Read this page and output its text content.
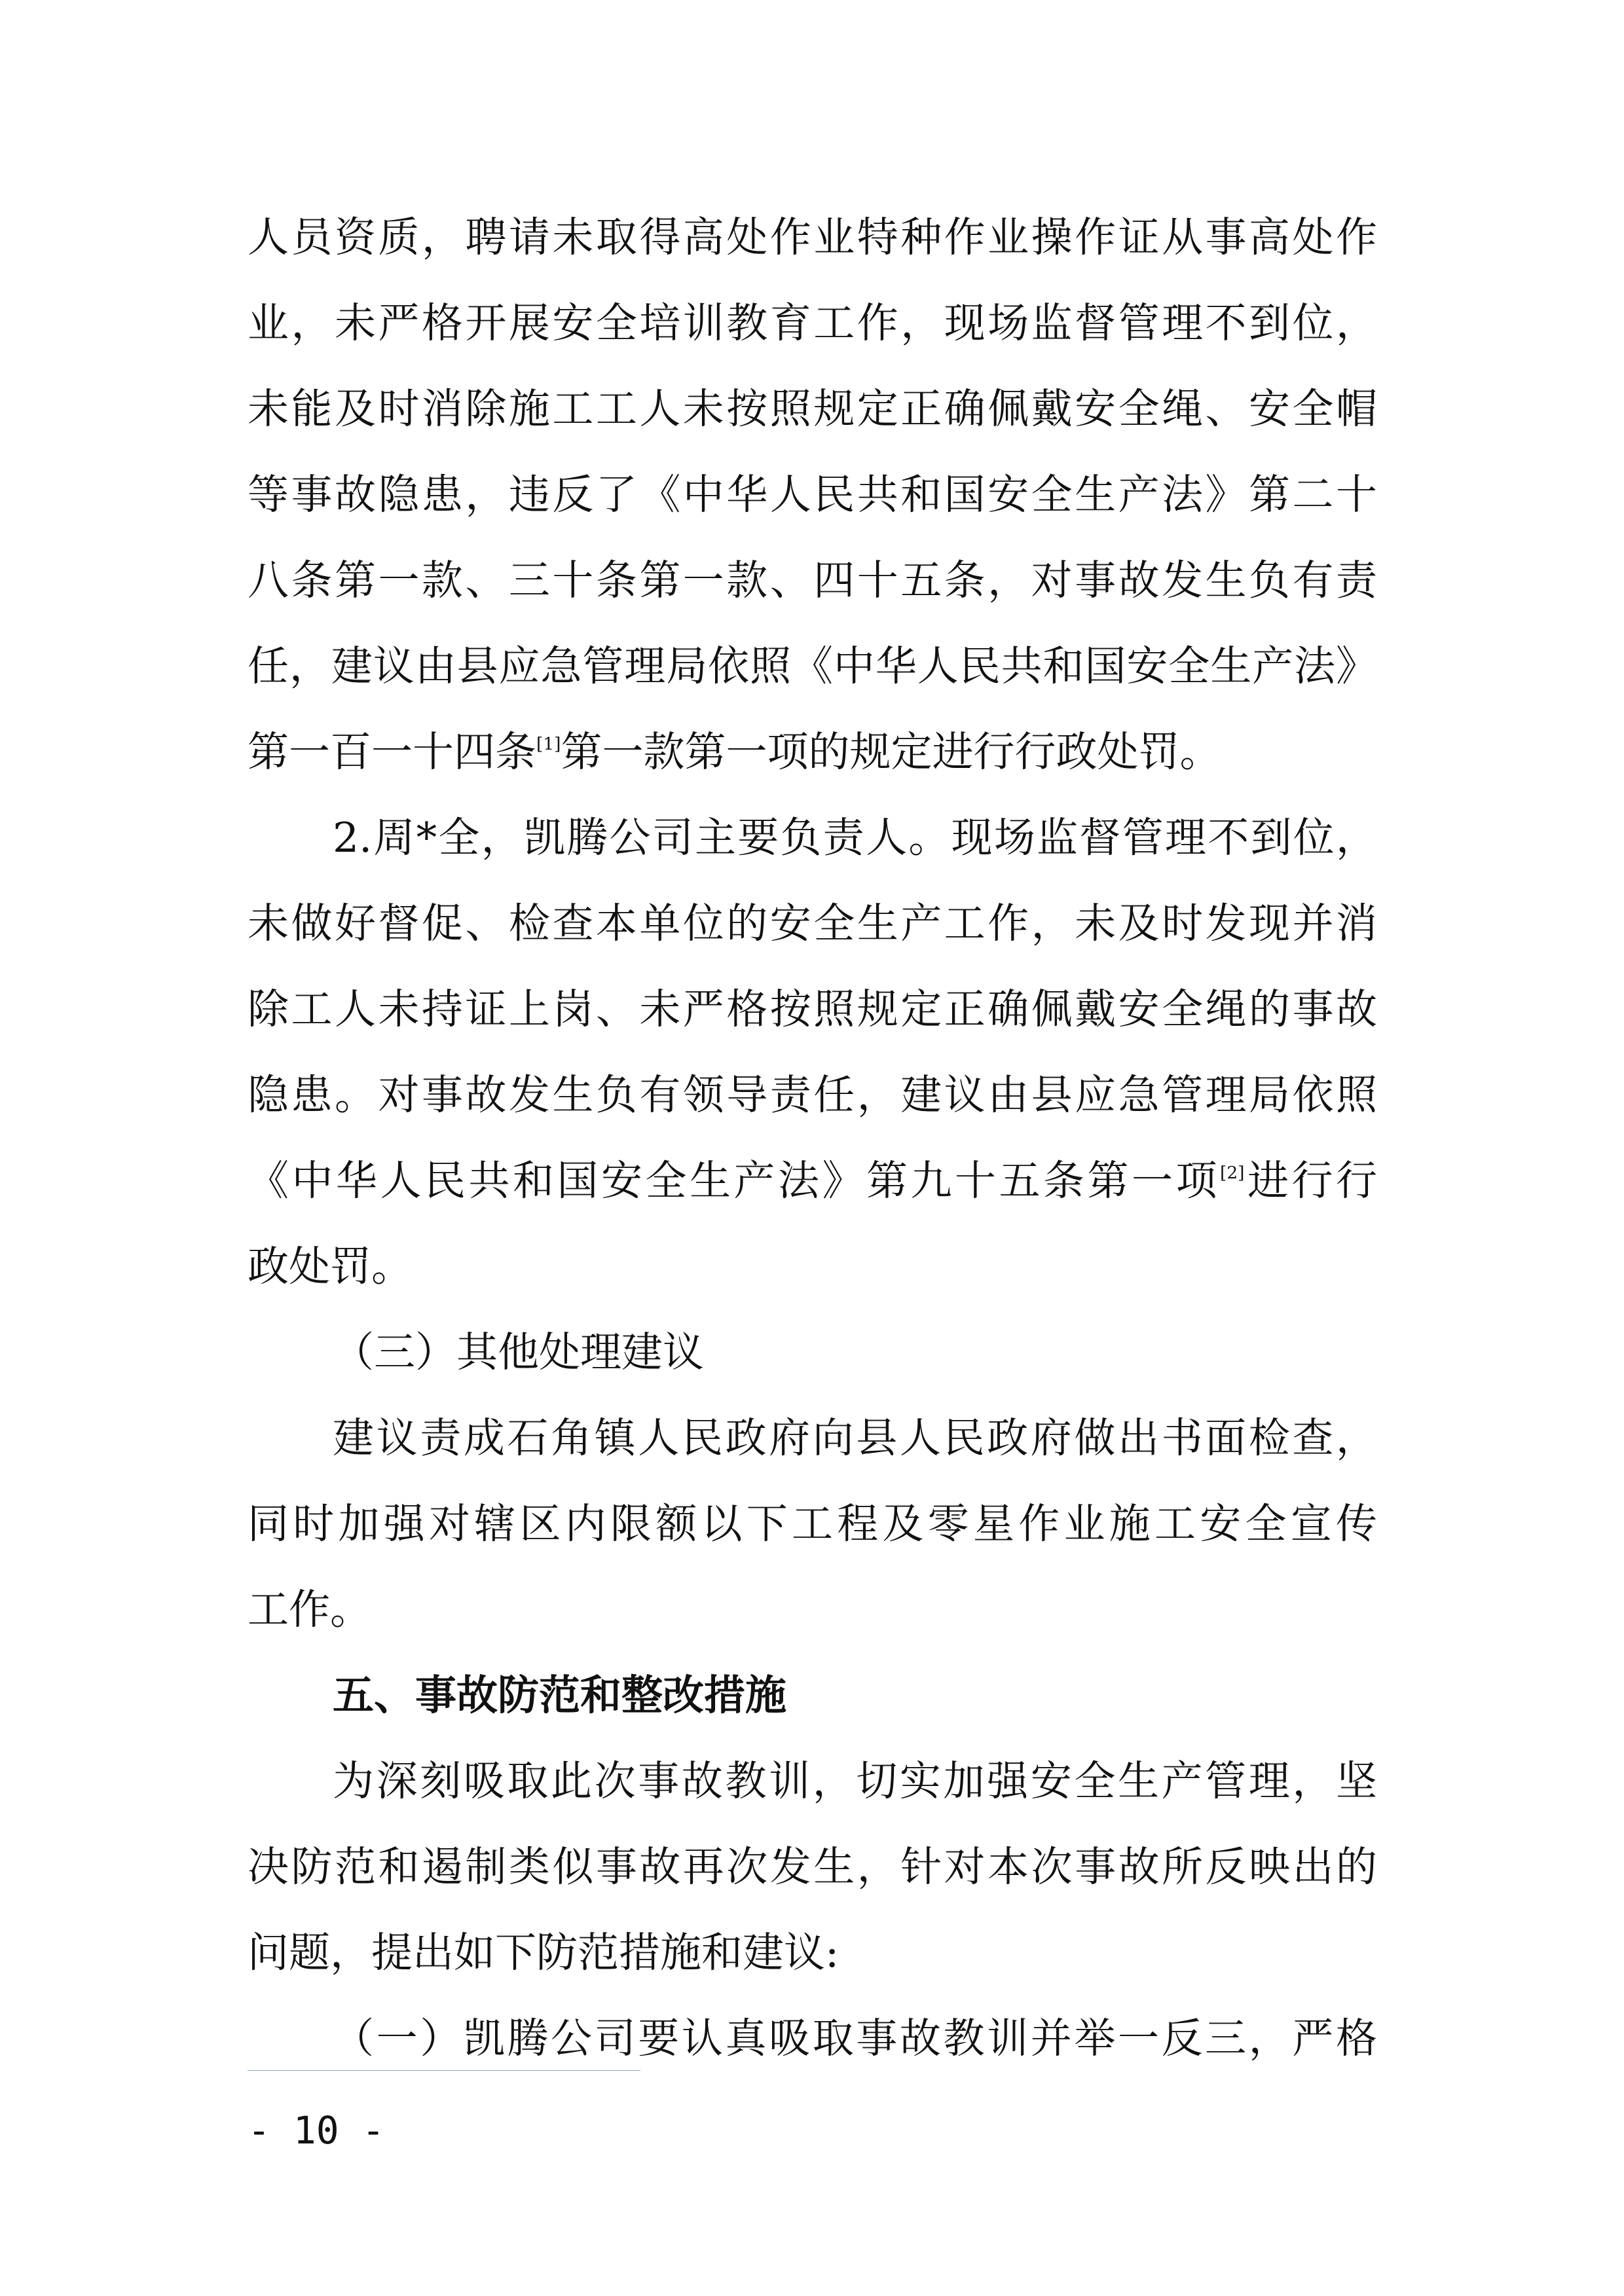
人员资质，聘请未取得高处作业特种作业操作证从事高处作
业，未严格开展安全培训教育工作，现场监督管理不到位，
未能及时消除施工工人未按照规定正确佩戴安全绳、安全帽
等事故隐患，违反了《中华人民共和国安全生产法》第二十
八条第一款、三十条第一款、四十五条，对事故发生负有责
任，建议由县应急管理局依照《中华人民共和国安全生产法》
第一百一十四条[1]第一款第一项的规定进行行政处罚。
2.周*全，凯腾公司主要负责人。现场监督管理不到位，
未做好督促、检查本单位的安全生产工作，未及时发现并消
除工人未持证上岗、未严格按照规定正确佩戴安全绳的事故
隐患。对事故发生负有领导责任，建议由县应急管理局依照
《中华人民共和国安全生产法》第九十五条第一项[2]进行行
政处罚。
（三）其他处理建议
建议责成石角镇人民政府向县人民政府做出书面检查，
同时加强对辖区内限额以下工程及零星作业施工安全宣传
工作。
五、事故防范和整改措施
为深刻吸取此次事故教训，切实加强安全生产管理，坚
决防范和遏制类似事故再次发生，针对本次事故所反映出的
问题，提出如下防范措施和建议:
（一）凯腾公司要认真吸取事故教训并举一反三，严格
- 10 -
